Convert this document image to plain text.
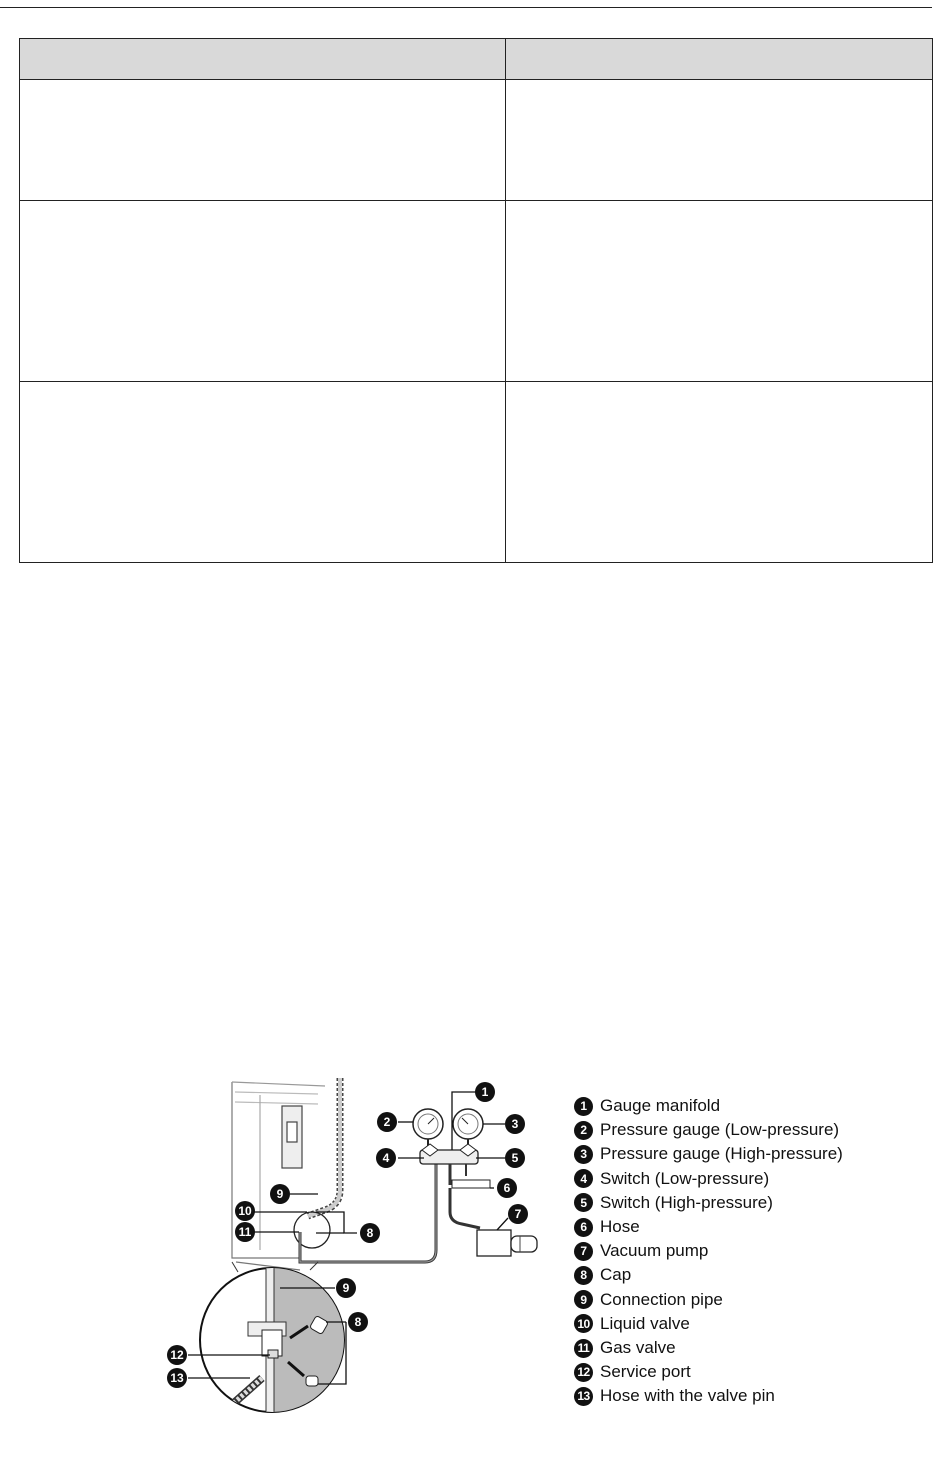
1
2	3
4	5
6
7
8
9
10
11
9
8
12
13
1 Gauge manifold
2 Pressure gauge (Low-pressure)
3 Pressure gauge (High-pressure)
4 Switch (Low-pressure)
5 Switch (High-pressure)
6 Hose
7 Vacuum pump
8 Cap
9 Connection pipe
10 Liquid valve
11 Gas valve
12 Service port
13 Hose with the valve pin
